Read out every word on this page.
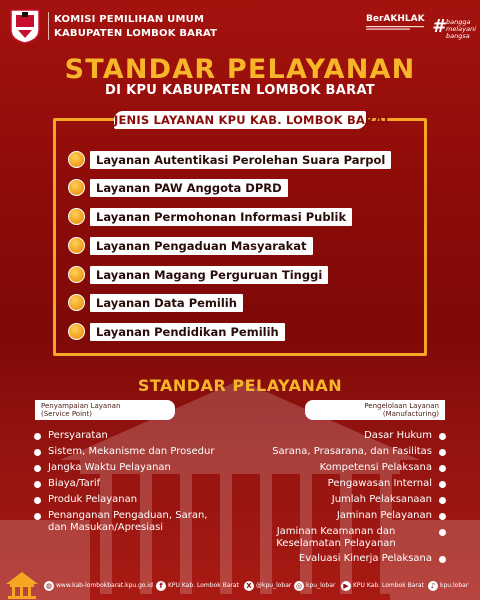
KOMISI PEMILIHAN UMUM
KABUPATEN LOMBOK BARAT
BerAKHLAK # bangga
melayani
bangsa
STANDAR PELAYANAN
DI KPU KABUPATEN LOMBOK BARAT
JENIS LAYANAN KPU KAB. LOMBOK BARAT
Layanan Autentikasi Perolehan Suara Parpol
Layanan PAW Anggota DPRD
Layanan Permohonan Informasi Publik
Layanan Pengaduan Masyarakat
Layanan Magang Perguruan Tinggi
Layanan Data Pemilih
Layanan Pendidikan Pemilih
STANDAR PELAYANAN
Penyampaian Layanan
(Service Point)
Pengelolaan Layanan
(Manufacturing)
Persyaratan
Sistem, Mekanisme dan Prosedur
Jangka Waktu Pelayanan
Biaya/Tarif
Produk Pelayanan
Penanganan Pengaduan, Saran,
dan Masukan/Apresiasi
Dasar Hukum
Sarana, Prasarana, dan Fasilitas
Kompetensi Pelaksana
Pengawasan Internal
Jumlah Pelaksanaan
Jaminan Pelayanan
Jaminan Keamanan dan
Keselamatan Pelayanan
Evaluasi Kinerja Pelaksana
◍ www.kab-lombokbarat.kpu.go.id f KPU Kab. Lombok Barat	X @kpu_lobar ◎ kpu_lobar	▶ KPU Kab. Lombok Barat ♪ kpu.lobar
